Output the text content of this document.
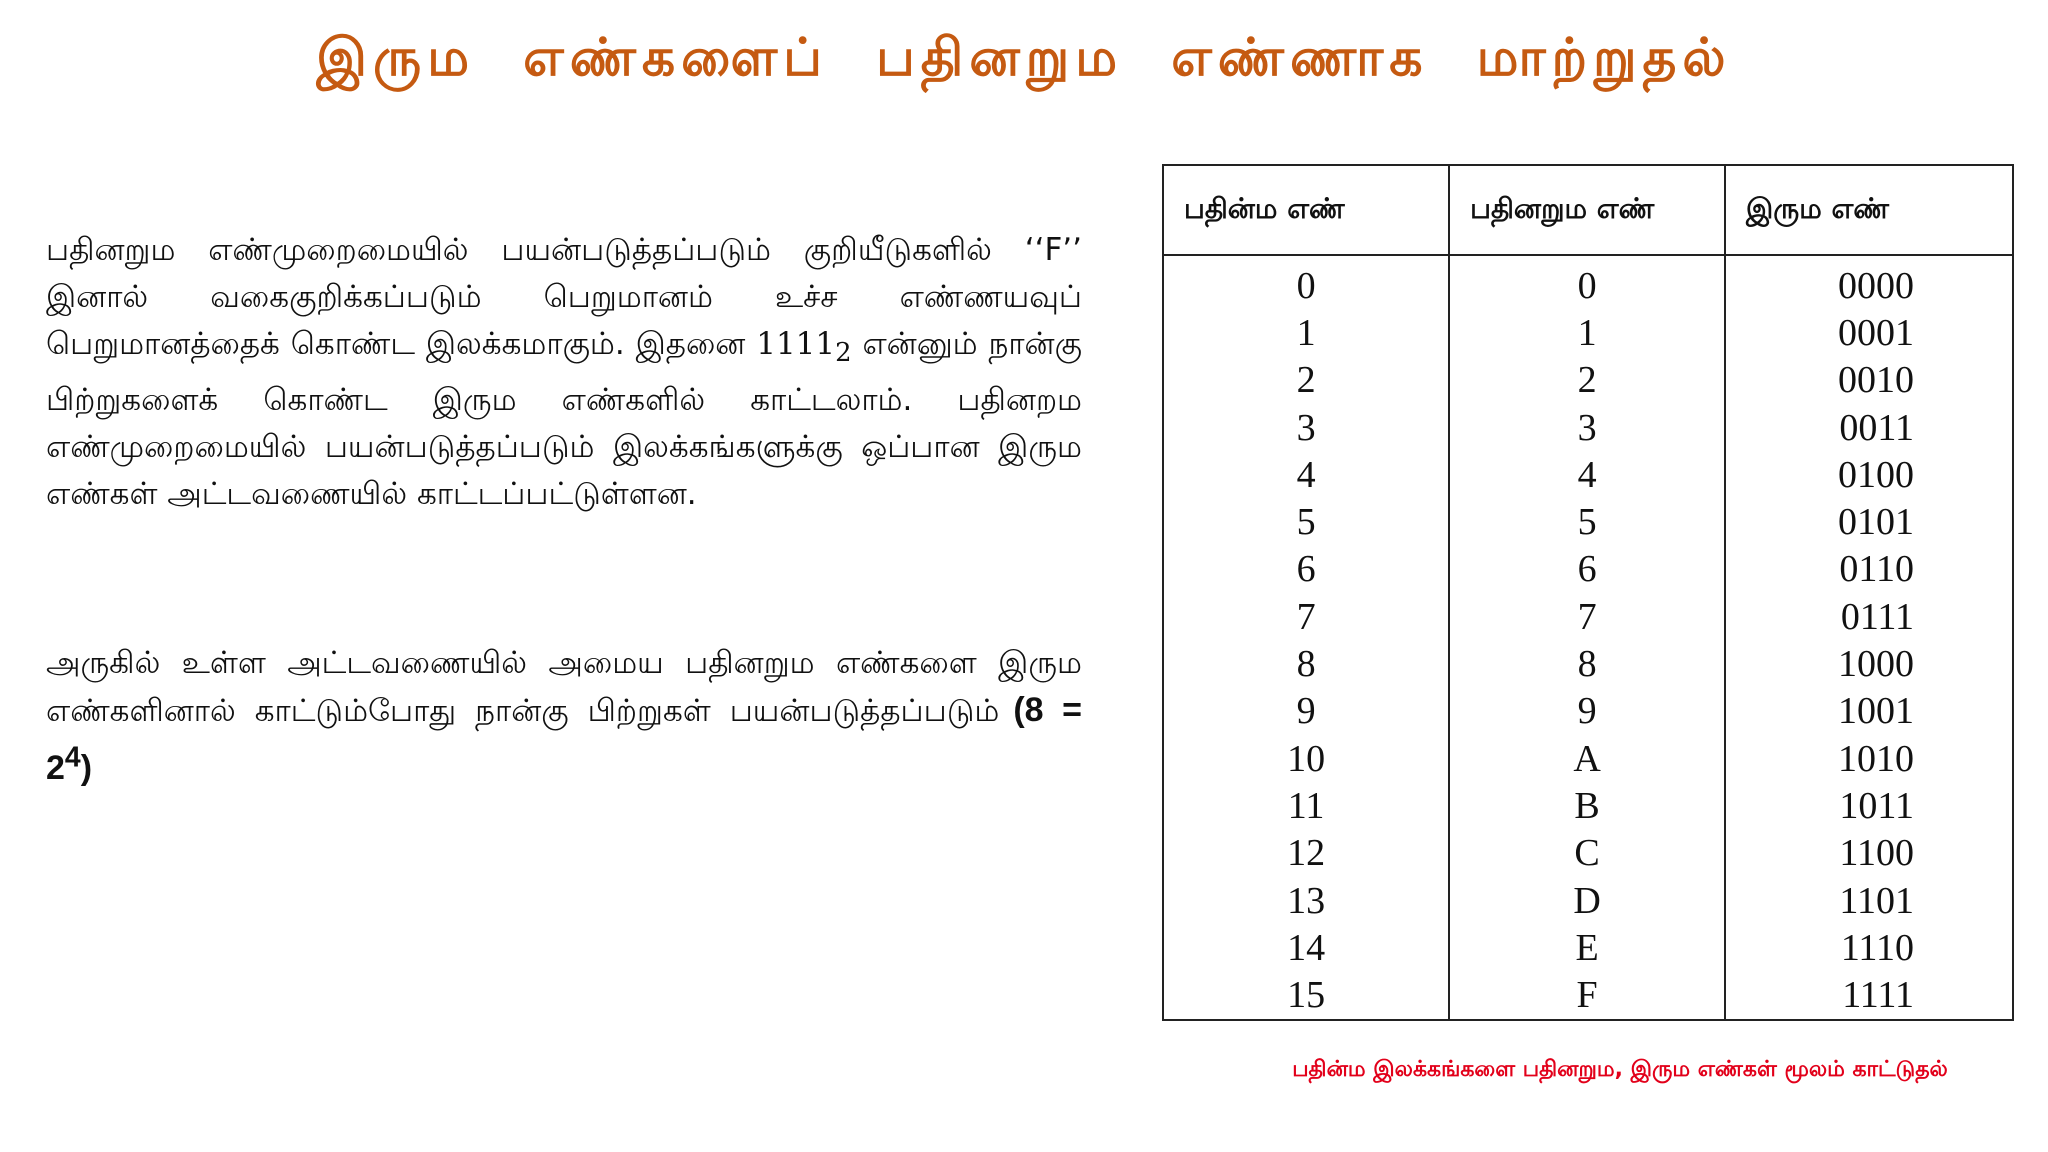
இரும எண்களைப் பதினறும எண்ணாக மாற்றுதல்
பதினறும எண்முறைமையில் பயன்படுத்தப்படும் குறியீடுகளில் ‘‘F’’ இனால் வகைகுறிக்கப்படும் பெறுமானம் உச்ச எண்ணயவுப் பெறுமானத்தைக் கொண்ட இலக்கமாகும். இதனை $1111_2$ என்னும் நான்கு பிற்றுகளைக் கொண்ட இரும எண்களில் காட்டலாம். பதினறம எண்முறைமையில் பயன்படுத்தப்படும் இலக்கங்களுக்கு ஒப்பான இரும எண்கள் அட்டவணையில் காட்டப்பட்டுள்ளன.
அருகில் உள்ள அட்டவணையில் அமைய பதினறும எண்களை இரும எண்களினால் காட்டும்போது நான்கு பிற்றுகள் பயன்படுத்தப்படும் $(8 = 2^4)$
பதின்ம எண்	பதினறும எண்	இரும எண்
0	0	0000
1	1	0001
2	2	0010
3	3	0011
4	4	0100
5	5	0101
6	6	0110
7	7	0111
8	8	1000
9	9	1001
10	A	1010
11	B	1011
12	C	1100
13	D	1101
14	E	1110
15	F	1111
பதின்ம இலக்கங்களை பதினறும, இரும எண்கள் மூலம் காட்டுதல்
